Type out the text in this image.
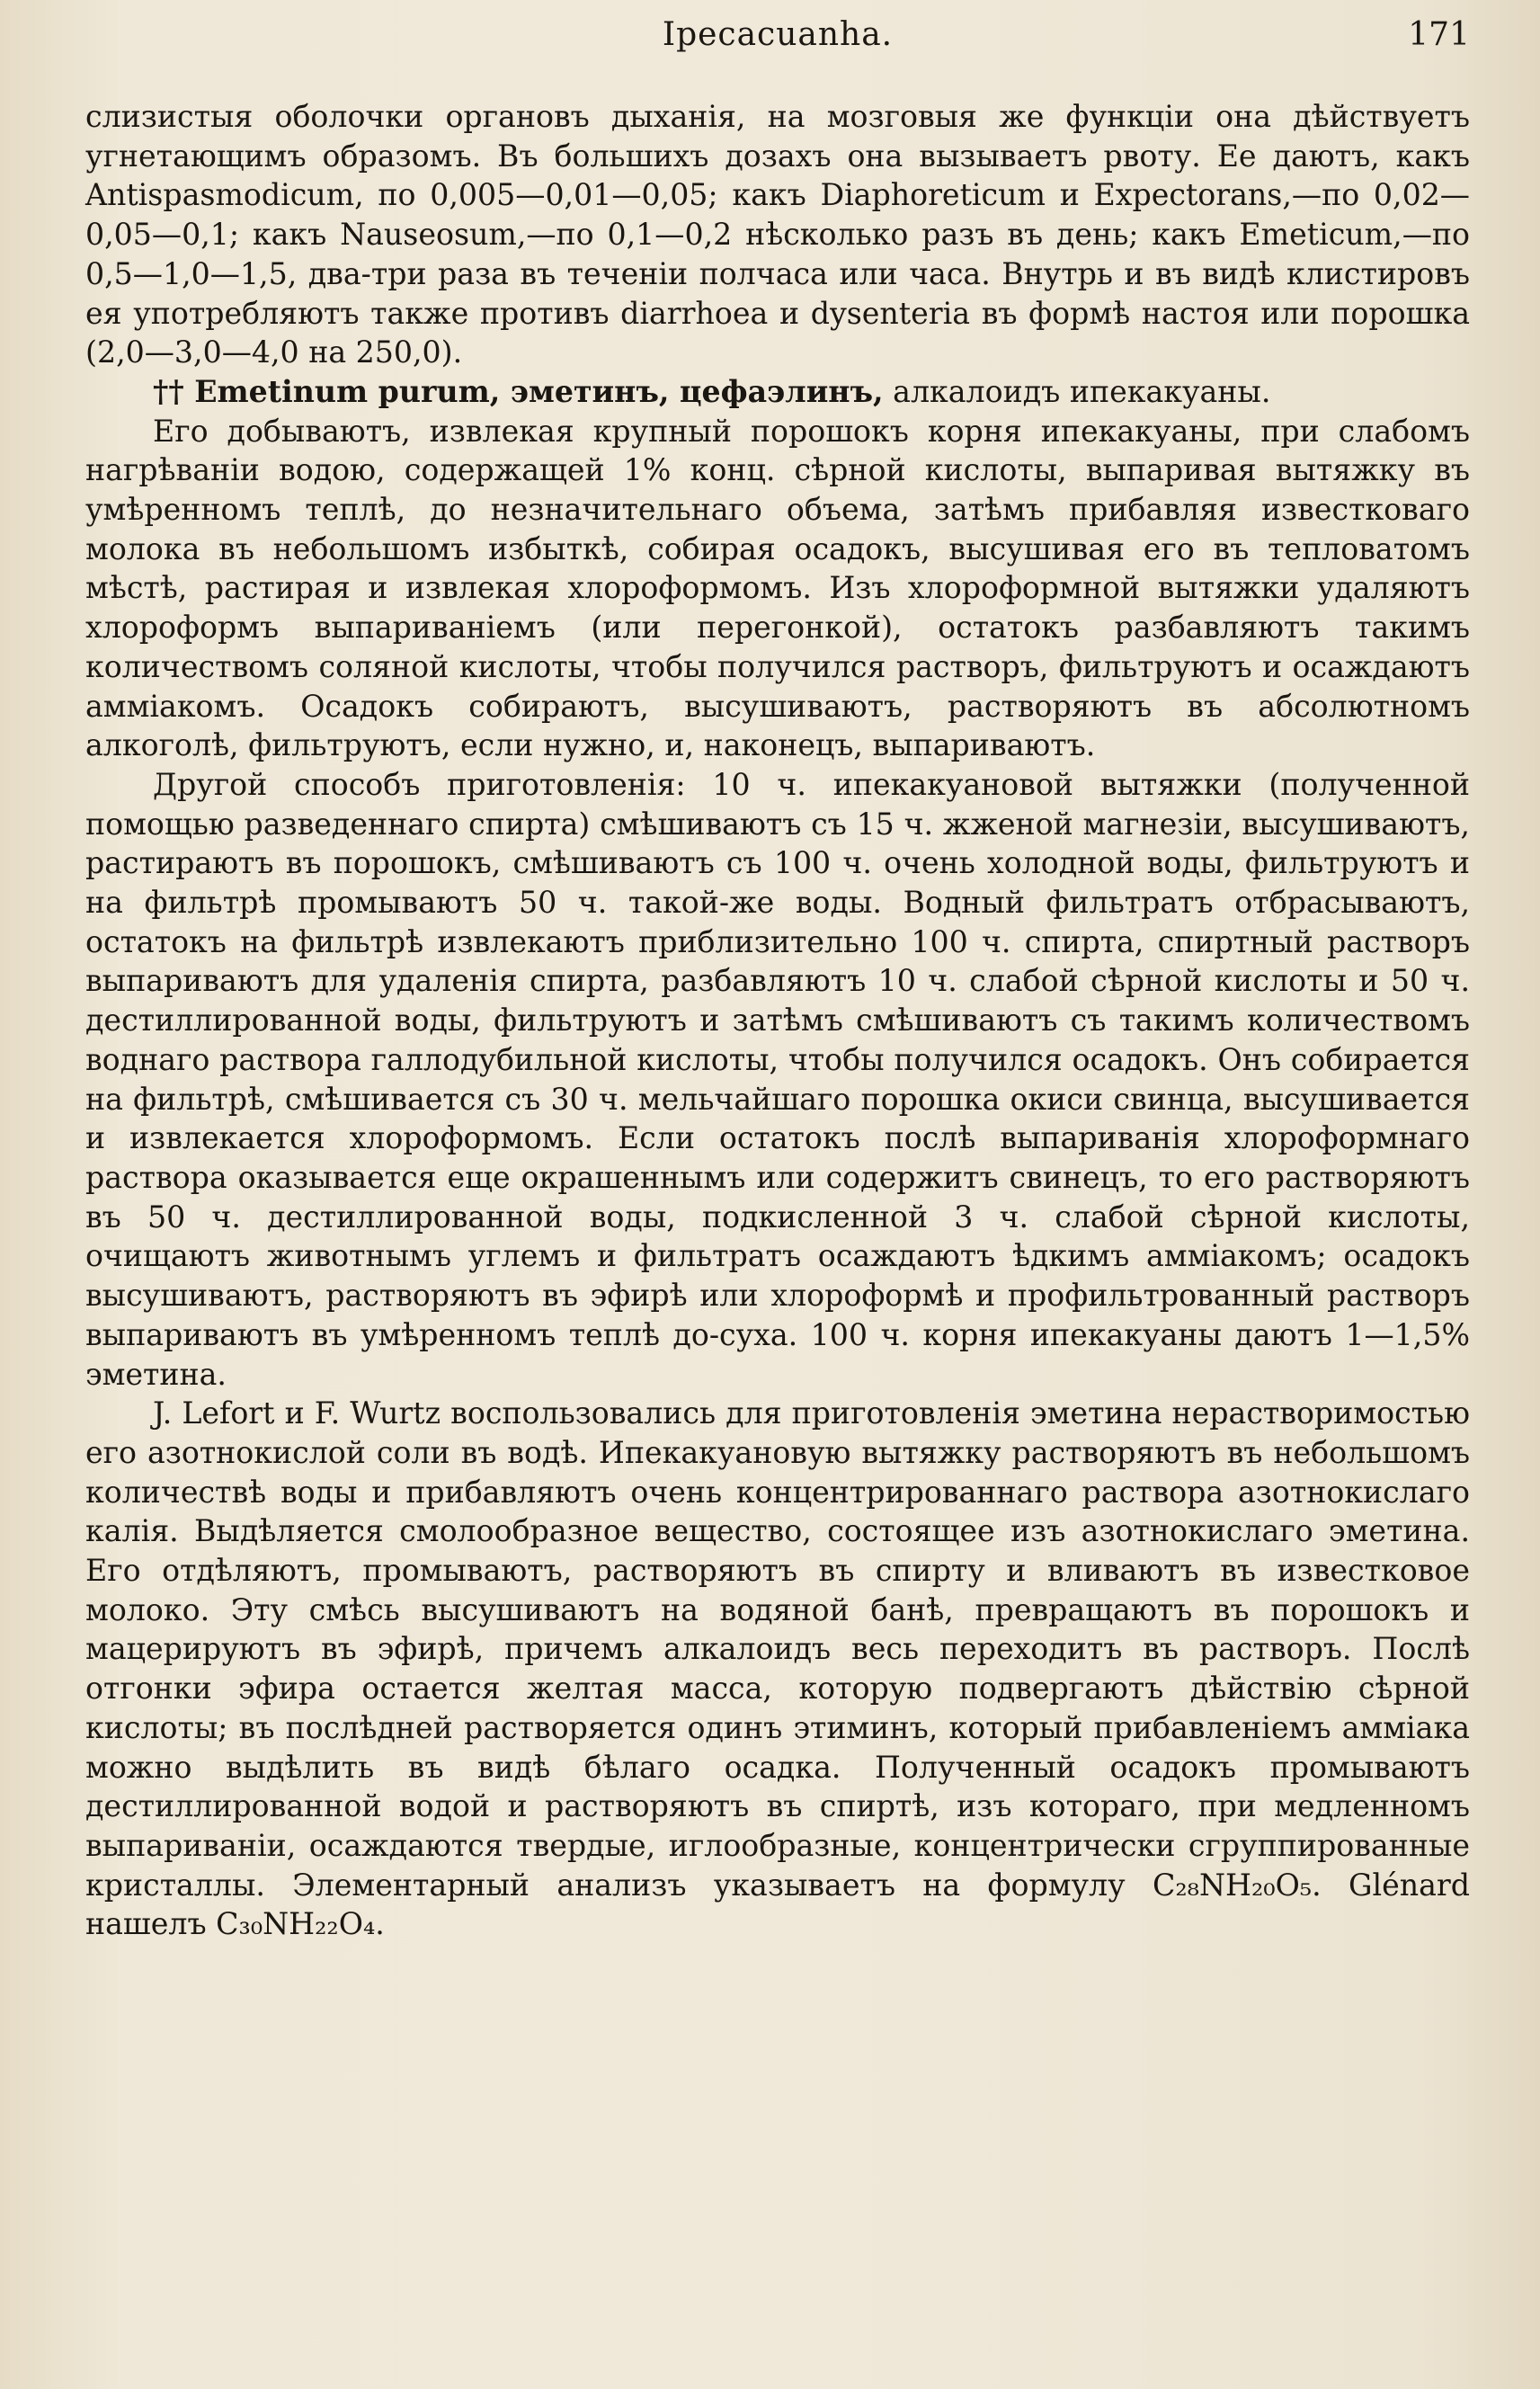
Ipecacuanha.	171

слизистыя оболочки органовъ дыханія, на мозговыя же функціи она дѣйствуетъ угнетающимъ образомъ. Въ большихъ дозахъ она вызываетъ рвоту. Ее даютъ, какъ Antispasmodicum, по 0,005—0,01—0,05; какъ Diaphoreticum и Expectorans,—по 0,02—0,05—0,1; какъ Nauseosum,—по 0,1—0,2 нѣсколько разъ въ день; какъ Emeticum,—по 0,5—1,0—1,5, два-три раза въ теченіи полчаса или часа. Внутрь и въ видѣ клистировъ ея употребляютъ также противъ diarrhoea и dysenteria въ формѣ настоя или порошка (2,0—3,0—4,0 на 250,0).

†† Emetinum purum, эметинъ, цефаэлинъ, алкалоидъ ипекакуаны.

Его добываютъ, извлекая крупный порошокъ корня ипекакуаны, при слабомъ нагрѣваніи водою, содержащей 1% конц. сѣрной кислоты, выпаривая вытяжку въ умѣренномъ теплѣ, до незначительнаго объема, затѣмъ прибавляя известковаго молока въ небольшомъ избыткѣ, собирая осадокъ, высушивая его въ тепловатомъ мѣстѣ, растирая и извлекая хлороформомъ. Изъ хлороформной вытяжки удаляютъ хлороформъ выпариваніемъ (или перегонкой), остатокъ разбавляютъ такимъ количествомъ соляной кислоты, чтобы получился растворъ, фильтруютъ и осаждаютъ амміакомъ. Осадокъ собираютъ, высушиваютъ, растворяютъ въ абсолютномъ алкоголѣ, фильтруютъ, если нужно, и, наконецъ, выпариваютъ.

Другой способъ приготовленія: 10 ч. ипекакуановой вытяжки (полученной помощью разведеннаго спирта) смѣшиваютъ съ 15 ч. жженой магнезіи, высушиваютъ, растираютъ въ порошокъ, смѣшиваютъ съ 100 ч. очень холодной воды, фильтруютъ и на фильтрѣ промываютъ 50 ч. такой-же воды. Водный фильтратъ отбрасываютъ, остатокъ на фильтрѣ извлекаютъ приблизительно 100 ч. спирта, спиртный растворъ выпариваютъ для удаленія спирта, разбавляютъ 10 ч. слабой сѣрной кислоты и 50 ч. дестиллированной воды, фильтруютъ и затѣмъ смѣшиваютъ съ такимъ количествомъ воднаго раствора галлодубильной кислоты, чтобы получился осадокъ. Онъ собирается на фильтрѣ, смѣшивается съ 30 ч. мельчайшаго порошка окиси свинца, высушивается и извлекается хлороформомъ. Если остатокъ послѣ выпариванія хлороформнаго раствора оказывается еще окрашеннымъ или содержитъ свинецъ, то его растворяютъ въ 50 ч. дестиллированной воды, подкисленной 3 ч. слабой сѣрной кислоты, очищаютъ животнымъ углемъ и фильтратъ осаждаютъ ѣдкимъ амміакомъ; осадокъ высушиваютъ, растворяютъ въ эфирѣ или хлороформѣ и профильтрованный растворъ выпариваютъ въ умѣренномъ теплѣ до-суха. 100 ч. корня ипекакуаны даютъ 1—1,5% эметина.

J. Lefort и F. Wurtz воспользовались для приготовленія эметина нерастворимостью его азотнокислой соли въ водѣ. Ипекакуановую вытяжку растворяютъ въ небольшомъ количествѣ воды и прибавляютъ очень концентрированнаго раствора азотнокислаго калія. Выдѣляется смолообразное вещество, состоящее изъ азотнокислаго эметина. Его отдѣляютъ, промываютъ, растворяютъ въ спирту и вливаютъ въ известковое молоко. Эту смѣсь высушиваютъ на водяной банѣ, превращаютъ въ порошокъ и мацерируютъ въ эфирѣ, причемъ алкалоидъ весь переходитъ въ растворъ. Послѣ отгонки эфира остается желтая масса, которую подвергаютъ дѣйствію сѣрной кислоты; въ послѣдней растворяется одинъ этиминъ, который прибавленіемъ амміака можно выдѣлить въ видѣ бѣлаго осадка. Полученный осадокъ промываютъ дестиллированной водой и растворяютъ въ спиртѣ, изъ котораго, при медленномъ выпариваніи, осаждаются твердые, иглообразные, концентрически сгруппированные кристаллы. Элементарный анализъ указываетъ на формулу C₂₈NH₂₀O₅. Glénard нашелъ C₃₀NH₂₂O₄.
